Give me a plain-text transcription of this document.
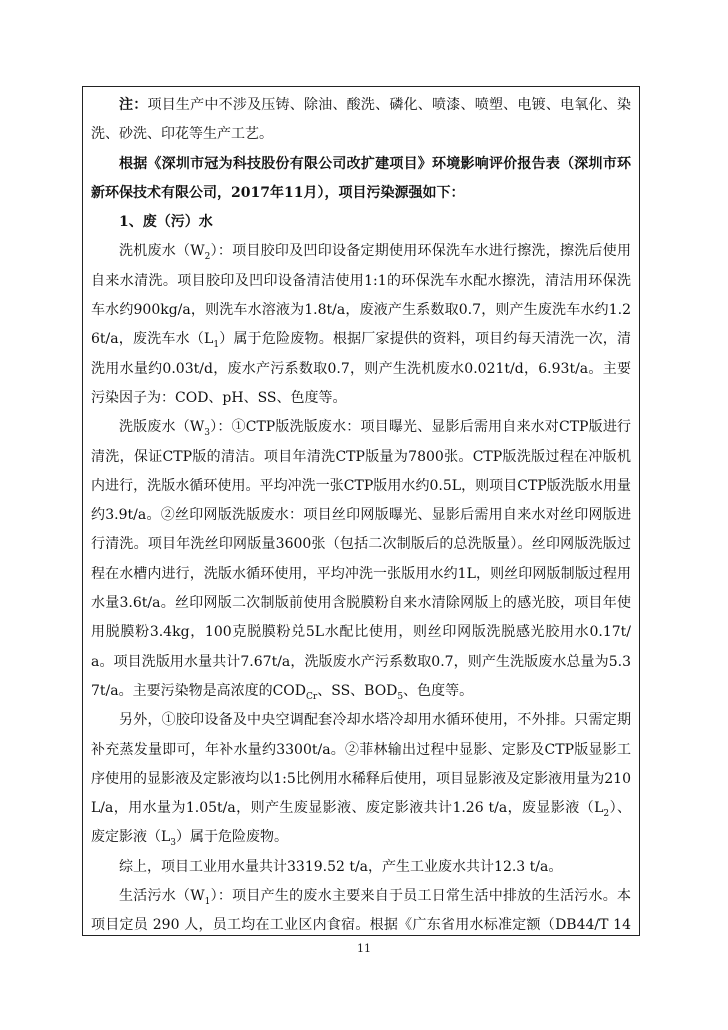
注：项目生产中不涉及压铸、除油、酸洗、磷化、喷漆、喷塑、电镀、电氧化、染洗、砂洗、印花等生产工艺。

根据《深圳市冠为科技股份有限公司改扩建项目》环境影响评价报告表（深圳市环新环保技术有限公司，2017年11月），项目污染源强如下：

1、废（污）水

洗机废水$(W_2)$：项目胶印及凹印设备定期使用环保洗车水进行擦洗，擦洗后使用自来水清洗。项目胶印及凹印设备清洁使用1:1的环保洗车水配水擦洗，清洁用环保洗车水约900kg/a，则洗车水溶液为1.8t/a，废液产生系数取0.7，则产生废洗车水约1.26t/a，废洗车水$(L_1)$属于危险废物。根据厂家提供的资料，项目约每天清洗一次，清洗用水量约0.03t/d，废水产污系数取0.7，则产生洗机废水0.021t/d，6.93t/a。主要污染因子为：COD、pH、SS、色度等。

洗版废水$(W_3)$：①CTP版洗版废水：项目曝光、显影后需用自来水对CTP版进行清洗，保证CTP版的清洁。项目年清洗CTP版量为7800张。CTP版洗版过程在冲版机内进行，洗版水循环使用。平均冲洗一张CTP版用水约0.5L，则项目CTP版洗版水用量约3.9t/a。②丝印网版洗版废水：项目丝印网版曝光、显影后需用自来水对丝印网版进行清洗。项目年洗丝印网版量3600张（包括二次制版后的总洗版量）。丝印网版洗版过程在水槽内进行，洗版水循环使用，平均冲洗一张版用水约1L，则丝印网版制版过程用水量3.6t/a。丝印网版二次制版前使用含脱膜粉自来水清除网版上的感光胶，项目年使用脱膜粉3.4kg，100克脱膜粉兑5L水配比使用，则丝印网版洗脱感光胶用水0.17t/a。项目洗版用水量共计7.67t/a，洗版废水产污系数取0.7，则产生洗版废水总量为5.37t/a。主要污染物是高浓度的$COD_{Cr}$、SS、$BOD_5$、色度等。

另外，①胶印设备及中央空调配套冷却水塔冷却用水循环使用，不外排。只需定期补充蒸发量即可，年补水量约3300t/a。②菲林输出过程中显影、定影及CTP版显影工序使用的显影液及定影液均以1:5比例用水稀释后使用，项目显影液及定影液用量为210L/a，用水量为1.05t/a，则产生废显影液、废定影液共计1.26 t/a，废显影液$(L_2)$、废定影液$(L_3)$属于危险废物。

综上，项目工业用水量共计3319.52 t/a，产生工业废水共计12.3 t/a。

生活污水$(W_1)$：项目产生的废水主要来自于员工日常生活中排放的生活污水。本项目定员 290 人，员工均在工业区内食宿。根据《广东省用水标准定额（DB44/T 14

11
